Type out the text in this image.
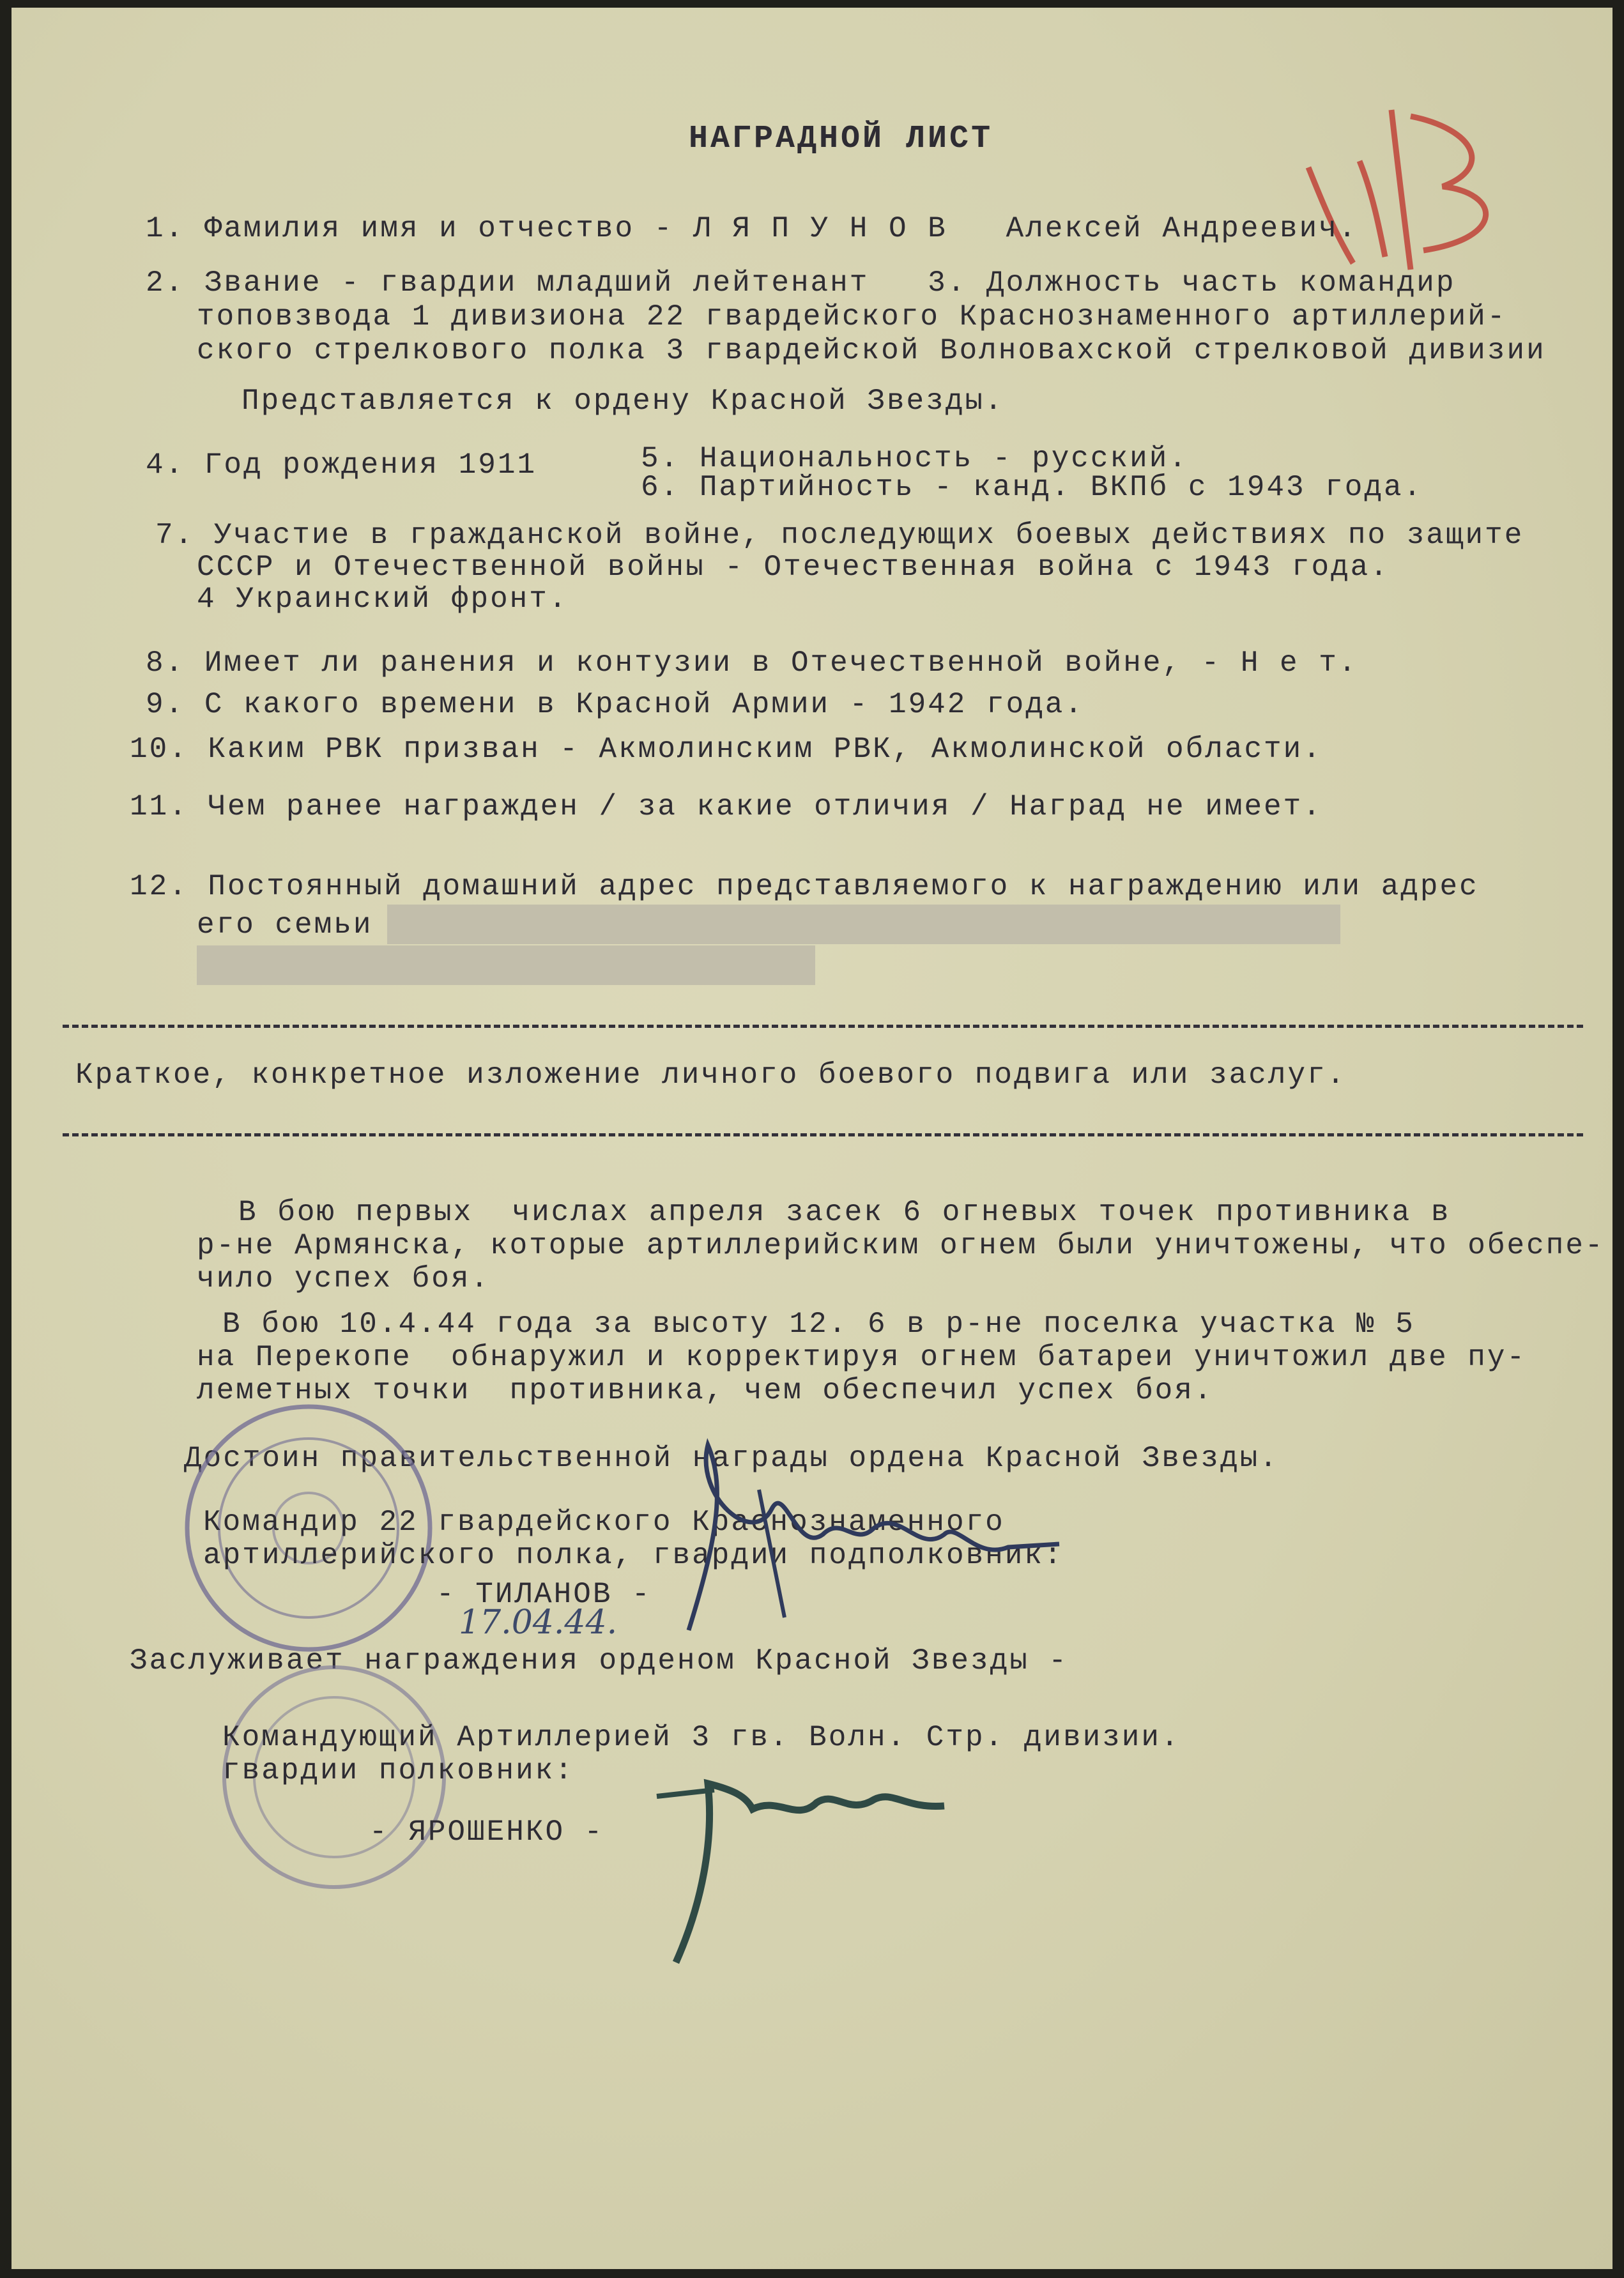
НАГРАДНОЙ ЛИСТ
1. Фамилия имя и отчество - Л Я П У Н О В   Алексей Андреевич.
2. Звание - гвардии младший лейтенант   3. Должность часть командир
топовзвода 1 дивизиона 22 гвардейского Краснознаменного артиллерий-
ского стрелкового полка 3 гвардейской Волновахской стрелковой дивизии
Представляется к ордену Красной Звезды.
4. Год рождения 1911	5. Национальность - русский.
6. Партийность - канд. ВКПб с 1943 года.
7. Участие в гражданской войне, последующих боевых действиях по защите
СССР и Отечественной войны - Отечественная война с 1943 года.
4 Украинский фронт.
8. Имеет ли ранения и контузии в Отечественной войне, - Н е т.
9. С какого времени в Красной Армии - 1942 года.
10. Каким РВК призван - Акмолинским РВК, Акмолинской области.
11. Чем ранее награжден / за какие отличия / Наград не имеет.
12. Постоянный домашний адрес представляемого к награждению или адрес
его семьи
Краткое, конкретное изложение личного боевого подвига или заслуг.
В бою первых  числах апреля засек 6 огневых точек противника в
р-не Армянска, которые артиллерийским огнем были уничтожены, что обеспе-
чило успех боя.
В бою 10.4.44 года за высоту 12. 6 в р-не поселка участка № 5
на Перекопе  обнаружил и корректируя огнем батареи уничтожил две пу-
леметных точки  противника, чем обеспечил успех боя.
Достоин правительственной награды ордена Красной Звезды.
Командир 22 гвардейского Краснознаменного
артиллерийского полка, гвардии подполковник:
- ТИЛАНОВ -
17.04.44.
Заслуживает награждения орденом Красной Звезды -
Командующий Артиллерией 3 гв. Волн. Стр. дивизии.
гвардии полковник:
- ЯРОШЕНКО -
